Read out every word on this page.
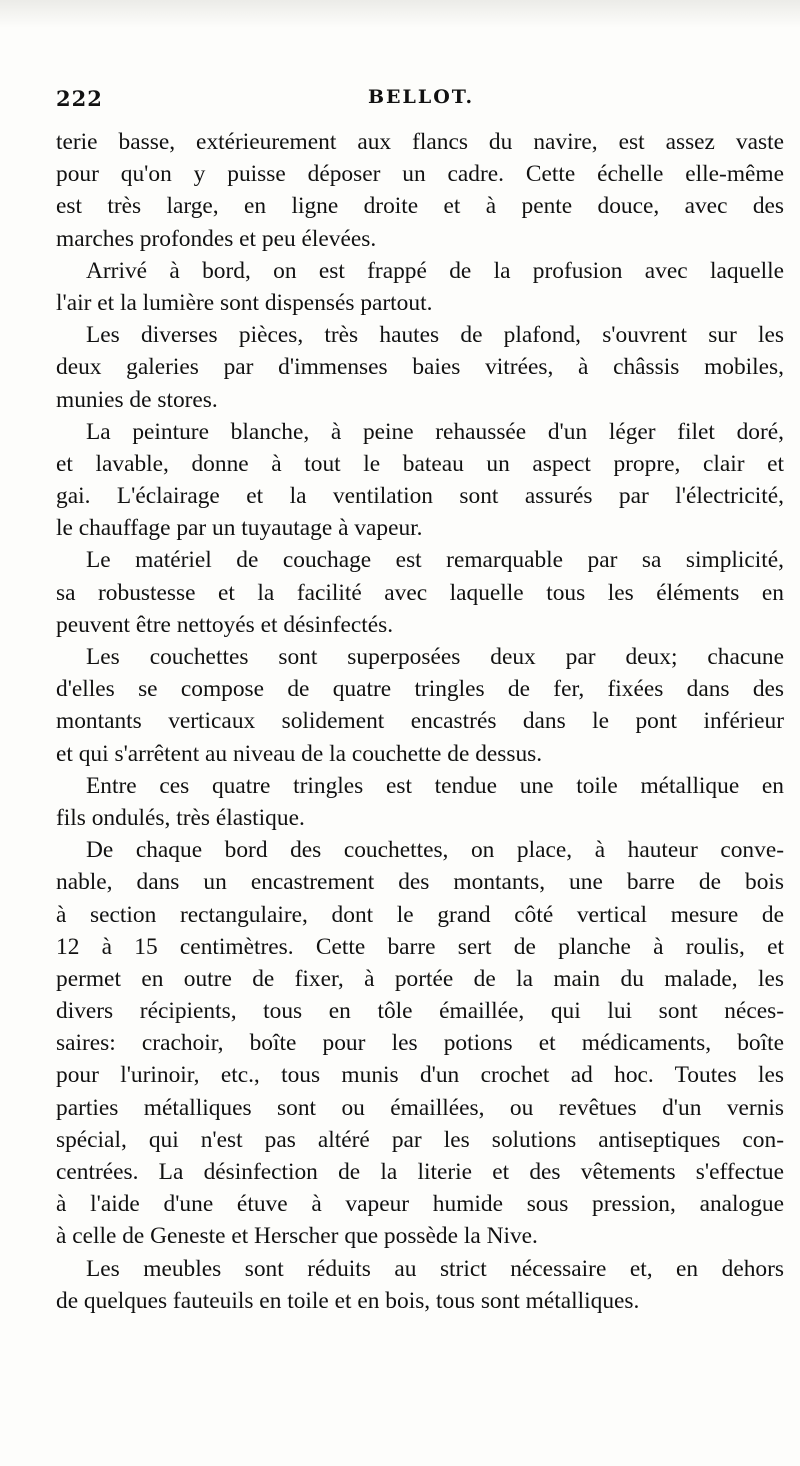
222	BELLOT.
terie basse, extérieurement aux flancs du navire, est assez vaste
pour qu'on y puisse déposer un cadre. Cette échelle elle-même
est très large, en ligne droite et à pente douce, avec des
marches profondes et peu élevées.
Arrivé à bord, on est frappé de la profusion avec laquelle
l'air et la lumière sont dispensés partout.
Les diverses pièces, très hautes de plafond, s'ouvrent sur les
deux galeries par d'immenses baies vitrées, à châssis mobiles,
munies de stores.
La peinture blanche, à peine rehaussée d'un léger filet doré,
et lavable, donne à tout le bateau un aspect propre, clair et
gai. L'éclairage et la ventilation sont assurés par l'électricité,
le chauffage par un tuyautage à vapeur.
Le matériel de couchage est remarquable par sa simplicité,
sa robustesse et la facilité avec laquelle tous les éléments en
peuvent être nettoyés et désinfectés.
Les couchettes sont superposées deux par deux; chacune
d'elles se compose de quatre tringles de fer, fixées dans des
montants verticaux solidement encastrés dans le pont inférieur
et qui s'arrêtent au niveau de la couchette de dessus.
Entre ces quatre tringles est tendue une toile métallique en
fils ondulés, très élastique.
De chaque bord des couchettes, on place, à hauteur conve-
nable, dans un encastrement des montants, une barre de bois
à section rectangulaire, dont le grand côté vertical mesure de
12 à 15 centimètres. Cette barre sert de planche à roulis, et
permet en outre de fixer, à portée de la main du malade, les
divers récipients, tous en tôle émaillée, qui lui sont néces-
saires: crachoir, boîte pour les potions et médicaments, boîte
pour l'urinoir, etc., tous munis d'un crochet ad hoc. Toutes les
parties métalliques sont ou émaillées, ou revêtues d'un vernis
spécial, qui n'est pas altéré par les solutions antiseptiques con-
centrées. La désinfection de la literie et des vêtements s'effectue
à l'aide d'une étuve à vapeur humide sous pression, analogue
à celle de Geneste et Herscher que possède la Nive.
Les meubles sont réduits au strict nécessaire et, en dehors
de quelques fauteuils en toile et en bois, tous sont métalliques.
